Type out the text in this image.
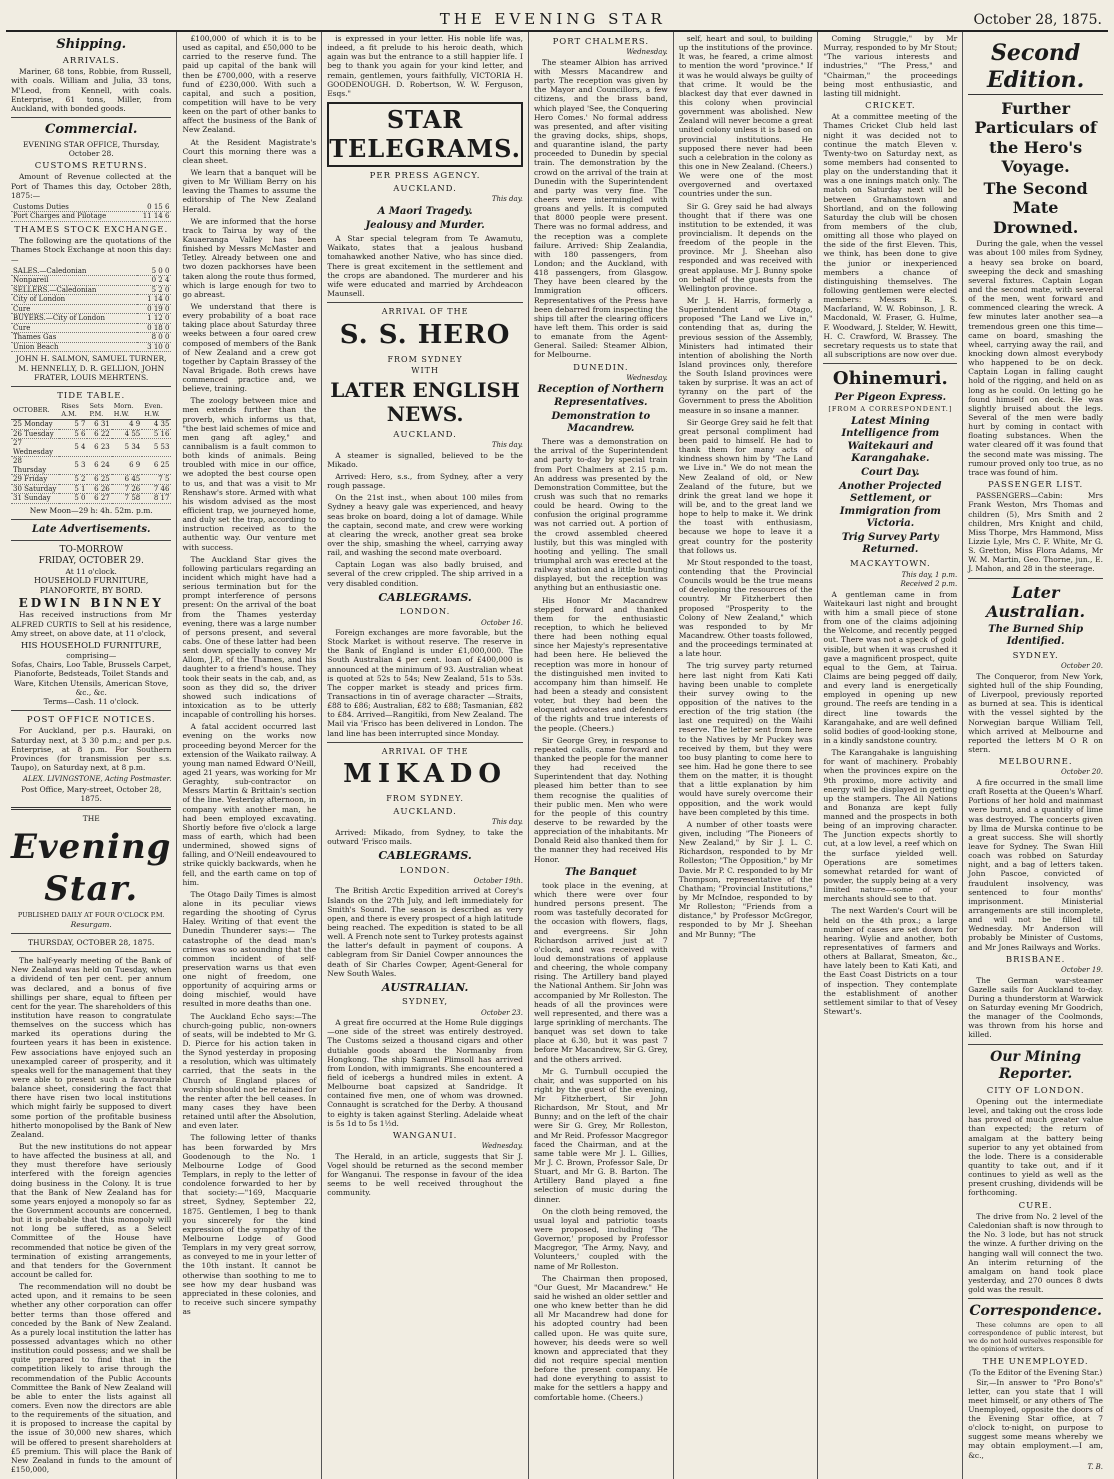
THE EVENING STAR	October 28, 1875.
Shipping.
ARRIVALS.

Mariner, 68 tons, Robbie, from Russell, with coals. William and Julia, 33 tons, M'Leod, from Kennell, with coals. Enterprise, 61 tons, Miller, from Auckland, with bonded goods.

Commercial.
EVENING STAR OFFICE, Thursday, October 28.
CUSTOMS RETURNS.

Amount of Revenue collected at the Port of Thames this day, October 28th, 1875:—

Customs Duties	0 15 6
Port Charges and Pilotage	11 14 6
THAMES STOCK EXCHANGE.

The following are the quotations of the Thames Stock Exchange at noon this day:—

SALES.—Caledonian	5 0 0
Nonpareil	0 2 4
SELLERS.—Caledonian	5 2 0
City of London	1 14 0
Cure	0 19 0
BUYERS.—City of London	1 12 0
Cure	0 18 0
Thames Gas	8 0 0
Union Beach	3 10 0
JOHN H. SALMON, SAMUEL TURNER, M. HENNELLY, D. R. GELLION, JOHN FRATER, LOUIS MEHRTENS.
TIDE TABLE.
OCTOBER.	Rises A.M.	Sets P.M.	Morn. H.W.	Even. H.W.
25 Monday	5 7	6 31	4 9	4 35
26 Tuesday	5 6	6 22	4 55	5 16
27 Wednesday	5 4	6 23	5 34	5 53
28 Thursday	5 3	6 24	6 9	6 25
29 Friday	5 2	6 25	6 45	7 5
30 Saturday	5 1	6 26	7 26	7 46
31 Sunday	5 0	6 27	7 58	8 17
New Moon—29 h: 4h. 52m. p.m.
Late Advertisements.
TO-MORROW
FRIDAY, OCTOBER 29.
At 11 o'clock.
HOUSEHOLD FURNITURE, PIANOFORTE, BY BORD.
EDWIN BINNEY

Has received instructions from Mr ALFRED CURTIS to Sell at his residence, Amy street, on above date, at 11 o'clock,

HIS HOUSEHOLD FURNITURE,
comprising—
Sofas, Chairs, Loo Table, Brussels Carpet, Pianoforte, Bedsteads, Toilet Stands and Ware, Kitchen Utensils, American Stove, &c., &c.
Terms—Cash. 11 o'clock.
POST OFFICE NOTICES.

For Auckland, per p.s. Hauraki, on Saturday next, at 3 30 p.m.; and per p.s. Enterprise, at 8 p.m. For Southern Provinces (for transmission per s.s. Taupo), on Saturday next, at 8 p.m.

ALEX. LIVINGSTONE, Acting Postmaster.
Post Office, Mary-street, October 28, 1875.
THE
Evening Star.
PUBLISHED DAILY AT FOUR O'CLOCK P.M.
Resurgam.
THURSDAY, OCTOBER 28, 1875.

The half-yearly meeting of the Bank of New Zealand was held on Tuesday, when a dividend of ten per cent. per annum was declared, and a bonus of five shillings per share, equal to fifteen per cent for the year. The shareholders of this institution have reason to congratulate themselves on the success which has marked its operations during the fourteen years it has been in existence. Few associations have enjoyed such an unexampled career of prosperity, and it speaks well for the management that they were able to present such a favourable balance sheet, considering the fact that there have risen two local institutions which might fairly be supposed to divert some portion of the profitable business hitherto monopolised by the Bank of New Zealand.

But the new institutions do not appear to have affected the business at all, and they must therefore have seriously interfered with the foreign agencies doing business in the Colony. It is true that the Bank of New Zealand has for some years enjoyed a monopoly so far as the Government accounts are concerned, but it is probable that this monopoly will not long be suffered, as a Select Committee of the House have recommended that notice be given of the termination of existing arrangements, and that tenders for the Government account be called for.

The recommendation will no doubt be acted upon, and it remains to be seen whether any other corporation can offer better terms than those offered and conceded by the Bank of New Zealand. As a purely local institution the latter has possessed advantages which no other institution could possess; and we shall be quite prepared to find that in the competition likely to arise through the recommendation of the Public Accounts Committee the Bank of New Zealand will be able to enter the lists against all comers. Even now the directors are able to the requirements of the situation, and it is proposed to increase the capital by the issue of 30,000 new shares, which will be offered to present shareholders at £5 premium. This will place the Bank of New Zealand in funds to the amount of £150,000,

£100,000 of which it is to be used as capital, and £50,000 to be carried to the reserve fund. The paid up capital of the bank will then be £700,000, with a reserve fund of £230,000. With such a capital, and such a position, competition will have to be very keen on the part of other banks to affect the business of the Bank of New Zealand.

At the Resident Magistrate's Court this morning there was a clean sheet.

We learn that a banquet will be given to Mr William Berry on his leaving the Thames to assume the editorship of The New Zealand Herald.

We are informed that the horse track to Tairua by way of the Kauaeranga Valley has been finished by Messrs McMaster and Tetley. Already between one and two dozen packhorses have been taken along the route thus formed, which is large enough for two to go abreast.

We understand that there is every probability of a boat race taking place about Saturday three weeks between a four oared crew composed of members of the Bank of New Zealand and a crew got together by Captain Brassey of the Naval Brigade. Both crews have commenced practice and, we believe, training.

The zoology between mice and men extends further than the proverb, which informs us that, "the best laid schemes of mice and men gang aft agley," and cannibalism is a fault common to both kinds of animals. Being troubled with mice in our office, we adopted the best course open to us, and that was a visit to Mr Renshaw's store. Armed with what his wisdom advised as the most efficient trap, we journeyed home, and duly set the trap, according to instruction received as to the authentic way. Our venture met with success.

The Auckland Star gives the following particulars regarding an incident which might have had a serious termination but for the prompt interference of persons present: On the arrival of the boat from the Thames yesterday evening, there was a large number of persons present, and several cabs. One of these latter had been sent down specially to convey Mr Allom, J.P., of the Thames, and his daughter to a friend's house. They took their seats in the cab, and, as soon as they did so, the driver showed such indications of intoxication as to be utterly incapable of controlling his horses.

A fatal accident occurred last evening on the works now proceeding beyond Mercer for the extension of the Waikato railway. A young man named Edward O'Neill, aged 21 years, was working for Mr Geraghty, sub-contractor on Messrs Martin & Brittain's section of the line. Yesterday afternoon, in company with another man, he had been employed excavating. Shortly before five o'clock a large mass of earth, which had been undermined, showed signs of falling, and O'Neill endeavoured to strike quickly backwards, when he fell, and the earth came on top of him.

The Otago Daily Times is almost alone in its peculiar views regarding the shooting of Cyrus Haley. Writing of that event the Dunedin Thunderer says:— The catastrophe of the dead man's crimes was so astounding that the common incident of self-preservation warns us that even one night of freedom, one opportunity of acquiring arms or doing mischief, would have resulted in more deaths than one.

The Auckland Echo says:—The church-going public, non-owners of seats, will be indebted to Mr G. D. Pierce for his action taken in the Synod yesterday in proposing a resolution, which was ultimately carried, that the seats in the Church of England places of worship should not be retained for the renter after the bell ceases. In many cases they have been retained until after the Absolution, and even later.

The following letter of thanks has been forwarded by Mrs Goodenough to the No. 1 Melbourne Lodge of Good Templars, in reply to the letter of condolence forwarded to her by that society:—"169, Macquarie street, Sydney, September 22, 1875. Gentlemen, I beg to thank you sincerely for the kind expression of the sympathy of the Melbourne Lodge of Good Templars in my very great sorrow, as conveyed to me in your letter of the 10th instant. It cannot be otherwise than soothing to me to see how my dear husband was appreciated in these colonies, and to receive such sincere sympathy as

is expressed in your letter. His noble life was, indeed, a fit prelude to his heroic death, which again was but the entrance to a still happier life. I beg to thank you again for your kind letter, and remain, gentlemen, yours faithfully, VICTORIA H. GOODENOUGH. D. Robertson, W. W. Ferguson, Esqs."

STAR TELEGRAMS.
PER PRESS AGENCY.
AUCKLAND.
This day.
A Maori Tragedy.
Jealousy and Murder.

A Star special telegram from Te Awamutu, Waikato, states that a jealous husband tomahawked another Native, who has since died. There is great excitement in the settlement and the crops are abandoned. The murderer and his wife were educated and married by Archdeacon Maunsell.

ARRIVAL OF THE
S. S. HERO
FROM SYDNEY
WITH
LATER ENGLISH NEWS.
AUCKLAND.
This day.

A steamer is signalled, believed to be the Mikado.

Arrived: Hero, s.s., from Sydney, after a very rough passage.

On the 21st inst., when about 100 miles from Sydney a heavy gale was experienced, and heavy seas broke on board, doing a lot of damage. While the captain, second mate, and crew were working at clearing the wreck, another great sea broke over the ship, smashing the wheel, carrying away rail, and washing the second mate overboard.

Captain Logan was also badly bruised, and several of the crew crippled. The ship arrived in a very disabled condition.

CABLEGRAMS.
LONDON.
October 16.

Foreign exchanges are more favorable, but the Stock Market is without reserve. The reserve in the Bank of England is under £1,000,000. The South Australian 4 per cent. loan of £400,000 is announced at the minimum of 93. Australian wheat is quoted at 52s to 54s; New Zealand, 51s to 53s. The copper market is steady and prices firm. Transactions in tin of average character —Straits, £88 to £86; Australian, £82 to £88; Tasmanian, £82 to £84. Arrived—Rangitiki, from New Zealand. The Mail via 'Frisco has been delivered in London. The land line has been interrupted since Monday.

ARRIVAL OF THE
MIKADO
FROM SYDNEY.
AUCKLAND.
This day.

Arrived: Mikado, from Sydney, to take the outward 'Frisco mails.

CABLEGRAMS.
LONDON.
October 19th.

The British Arctic Expedition arrived at Corey's Islands on the 27th July, and left immediately for Smith's Sound. The season is described as very open, and there is every prospect of a high latitude being reached. The expedition is stated to be all well. A French note sent to Turkey protests against the latter's default in payment of coupons. A cablegram from Sir Daniel Cowper announces the death of Sir Charles Cowper, Agent-General for New South Wales.

AUSTRALIAN.
SYDNEY,
October 23.

A great fire occurred at the Home Rule diggings—one side of the street was entirely destroyed. The Customs seized a thousand cigars and other dutiable goods aboard the Normanby from Hongkong. The ship Samuel Plimsoll has arrived from London, with immigrants. She encountered a field of icebergs a hundred miles in extent. A Melbourne boat capsized at Sandridge. It contained five men, one of whom was drowned. Connaught is scratched for the Derby. A thousand to eighty is taken against Sterling. Adelaide wheat is 5s 1d to 5s 1½d.

WANGANUI.
Wednesday.

The Herald, in an article, suggests that Sir J. Vogel should be returned as the second member for Wanganui. The response in favour of the idea seems to be well received throughout the community.

PORT CHALMERS.
Wednesday.

The steamer Albion has arrived with Messrs Macandrew and party. The reception was given by the Mayor and Councillors, a few citizens, and the brass band, which played 'See, the Conquering Hero Comes.' No formal address was presented, and after visiting the graving docks, ships, shops, and quarantine island, the party proceeded to Dunedin by special train. The demonstration by the crowd on the arrival of the train at Dunedin with the Superintendent and party was very fine. The cheers were intermingled with groans and yells. It is computed that 8000 people were present. There was no formal address, and the reception was a complete failure. Arrived: Ship Zealandia, with 180 passengers, from London; and the Auckland, with 418 passengers, from Glasgow. They have been cleared by the Immigration officers. Representatives of the Press have been debarred from inspecting the ships till after the clearing officers have left them. This order is said to emanate from the Agent-General. Sailed: Steamer Albion, for Melbourne.

DUNEDIN.
Wednesday.
Reception of Northern Representatives.
Demonstration to Macandrew.

There was a demonstration on the arrival of the Superintendent and party to-day by special train from Port Chalmers at 2.15 p.m. An address was presented by the Demonstration Committee, but the crush was such that no remarks could be heard. Owing to the confusion the original programme was not carried out. A portion of the crowd assembled cheered lustily, but this was mingled with hooting and yelling. The small triumphal arch was erected at the railway station and a little bunting displayed, but the reception was anything but an enthusiastic one.

His Honor Mr Macandrew stepped forward and thanked them for the enthusiastic reception, to which he believed there had been nothing equal since her Majesty's representative had been here. He believed the reception was more in honour of the distinguished men invited to accompany him than himself. He had been a steady and consistent voter, but they had been the eloquent advocates and defenders of the rights and true interests of the people. (Cheers.)

Sir George Grey, in response to repeated calls, came forward and thanked the people for the manner they had received the Superintendent that day. Nothing pleased him better than to see them recognise the qualities of their public men. Men who were for the people of this country deserve to be rewarded by the appreciation of the inhabitants. Mr Donald Reid also thanked them for the manner they had received His Honor.

The Banquet

took place in the evening, at which there were over four hundred persons present. The room was tastefully decorated for the occasion with flowers, flags, and evergreens. Sir John Richardson arrived just at 7 o'clock, and was received with loud demonstrations of applause and cheering, the whole company rising. The Artillery band played the National Anthem. Sir John was accompanied by Mr Rolleston. The heads of all the provinces were well represented, and there was a large sprinkling of merchants. The banquet was set down to take place at 6.30, but it was past 7 before Mr Macandrew, Sir G. Grey, and the others arrived.

Mr G. Turnbull occupied the chair, and was supported on his right by the guest of the evening, Mr Fitzherbert, Sir John Richardson, Mr Stout, and Mr Bunny; and on the left of the chair were Sir G. Grey, Mr Rolleston, and Mr Reid. Professor Macgregor faced the Chairman, and at the same table were Mr J. L. Gillies, Mr J. C. Brown, Professor Sale, Dr Stuart, and Mr G. B. Barton. The Artillery Band played a fine selection of music during the dinner.

On the cloth being removed, the usual loyal and patriotic toasts were proposed, including 'The Governor,' proposed by Professor Macgregor, 'The Army, Navy, and Volunteers,' coupled with the name of Mr Rolleston.

The Chairman then proposed, "Our Guest, Mr Macandrew." He said he wished an older settler and one who knew better than he did all Mr Macandrew had done for his adopted country had been called upon. He was quite sure, however, his deeds were so well known and appreciated that they did not require special mention before the present company. He had done everything to assist to make for the settlers a happy and comfortable home. (Cheers.)

self, heart and soul, to building up the institutions of the province. It was, he feared, a crime almost to mention the word "province." If it was he would always be guilty of that crime. It would be the blackest day that ever dawned in this colony when provincial government was abolished. New Zealand will never become a great united colony unless it is based on provincial institutions. He supposed there never had been such a celebration in the colony as this one in New Zealand. (Cheers.) We were one of the most overgoverned and overtaxed countries under the sun.

Sir G. Grey said he had always thought that if there was one institution to be extended, it was provincialism. It depends on the freedom of the people in the province. Mr J. Sheehan also responded and was received with great applause. Mr J. Bunny spoke on behalf of the guests from the Wellington province.

Mr J. H. Harris, formerly a Superintendent of Otago, proposed "The Land we Live in," contending that as, during the previous session of the Assembly, Ministers had intimated their intention of abolishing the North Island provinces only, therefore the South Island provinces were taken by surprise. It was an act of tyranny on the part of the Government to press the Abolition measure in so insane a manner.

Sir George Grey said he felt that great personal compliment had been paid to himself. He had to thank them for many acts of kindness shown him by "The Land we Live in." We do not mean the New Zealand of old, or New Zealand of the future, but we drink the great land we hope it will be, and to the great land we hope to help to make it. We drink the toast with enthusiasm, because we hope to leave it a great country for the posterity that follows us.

Mr Stout responded to the toast, contending that the Provincial Councils would be the true means of developing the resources of the country. Mr Fitzherbert then proposed "Prosperity to the Colony of New Zealand," which was responded to by Mr Macandrew. Other toasts followed, and the proceedings terminated at a late hour.

The trig survey party returned here last night from Kati Kati having been unable to complete their survey owing to the opposition of the natives to the erection of the trig station (the last one required) on the Waihi reserve. The letter sent from here to the Natives by Mr Puckey was received by them, but they were too busy planting to come here to see him. Had he gone there to see them on the matter, it is thought that a little explanation by him would have surely overcome their opposition, and the work would have been completed by this time.

A number of other toasts were given, including "The Pioneers of New Zealand," by Sir J. L. C. Richardson, responded to by Mr Rolleston; "The Opposition," by Mr Davie. Mr P. C. responded to by Mr Thompson, representative of the Chatham; "Provincial Institutions," by Mr McIndoe, responded to by Mr Rolleston; "Friends from a distance," by Professor McGregor, responded to by Mr J. Sheehan and Mr Bunny; "The

Coming Struggle," by Mr Murray, responded to by Mr Stout; "The various interests and industries," "The Press," and "Chairman," the proceedings being most enthusiastic, and lasting till midnight.

CRICKET.

At a committee meeting of the Thames Cricket Club held last night it was decided not to continue the match Eleven v. Twenty-two on Saturday next, as some members had consented to play on the understanding that it was a one innings match only. The match on Saturday next will be between Grahamstown and Shortland, and on the following Saturday the club will be chosen from members of the club, omitting all those who played on the side of the first Eleven. This, we think, has been done to give the junior or inexperienced members a chance of distinguishing themselves. The following gentlemen were elected members: Messrs R. S. Macfarland, W. W. Robinson, J. R. Macdonald, W. Fraser, G. Hulme, F. Woodward, J. Stelder, W. Hewitt, H. C. Crawford, W. Brassey. The secretary requests us to state that all subscriptions are now over due.

Ohinemuri.
Per Pigeon Express.
[FROM A CORRESPONDENT.]
Latest Mining Intelligence from Waitekauri and Karangahake.
Court Day.
Another Projected Settlement, or Immigration from Victoria.
Trig Survey Party Returned.
MACKAYTOWN.
This day, 1 p.m.
Received 2 p.m.

A gentleman came in from Waitekauri last night and brought with him a small piece of stone from one of the claims adjoining the Welcome, and recently pegged out. There was not a speck of gold visible, but when it was crushed it gave a magnificent prospect, quite equal to the Gem, at Tairua. Claims are being pegged off daily, and every land is energetically employed in opening up new ground. The reefs are tending in a direct line towards the Karangahake, and are well defined solid bodies of good-looking stone, in a kindly sandstone country.

The Karangahake is languishing for want of machinery. Probably when the provinces expire on the 9th proximo, more activity and energy will be displayed in getting up the stampers. The All Nations and Bonanza are kept fully manned and the prospects in both being of an improving character. The Junction expects shortly to cut, at a low level, a reef which on the surface yielded well. Operations are sometimes somewhat retarded for want of powder, the supply being at a very limited nature—some of your merchants should see to that.

The next Warden's Court will be held on the 4th prox.; a large number of cases are set down for hearing. Wylie and another, both representatives of farmers and others at Ballarat, Smeaton, &c., have lately been to Kati Kati, and the East Coast Districts on a tour of inspection. They contemplate the establishment of another settlement similar to that of Vesey Stewart's.

Second Edition.
Further Particulars of the Hero's Voyage.
The Second Mate Drowned.

During the gale, when the vessel was about 100 miles from Sydney, a heavy sea broke on board, sweeping the deck and smashing several fixtures. Captain Logan and the second mate, with several of the men, went forward and commenced clearing the wreck. A few minutes later another sea—a tremendous green one this time—came on board, smashing the wheel, carrying away the rail, and knocking down almost everybody who happened to be on deck. Captain Logan in falling caught hold of the rigging, and held on as long as he could. On letting go he found himself on deck. He was slightly bruised about the legs. Several of the men were badly hurt by coming in contact with floating substances. When the water cleared off it was found that the second mate was missing. The rumour proved only too true, as no trace was found of him.

PASSENGER LIST.

PASSENGERS—Cabin: Mrs Frank Weston, Mrs Thomas and children (5), Mrs Smith and 2 children, Mrs Knight and child, Miss Thorpe, Mrs Hammond, Miss Lizzie Lyle, Mrs C. F. White, Mr G. S. Gretton, Miss Flora Adams, Mr W. M. Martin, Geo. Thorne, jun., E. J. Mahon, and 28 in the steerage.

Later Australian.
The Burned Ship Identified.
SYDNEY.
October 20.

The Conqueror, from New York, sighted hull of the ship Founding, of Liverpool, previously reported as burned at sea. This is identical with the vessel sighted by the Norwegian barque William Tell, which arrived at Melbourne and reported the letters M O R on stern.

MELBOURNE.
October 20.

A fire occurred in the small lime craft Rosetta at the Queen's Wharf. Portions of her hold and mainmast were burnt, and a quantity of lime was destroyed. The concerts given by Ilma de Murska continue to be a great success. She will shortly leave for Sydney. The Swan Hill coach was robbed on Saturday night, and a bag of letters taken. John Pascoe, convicted of fraudulent insolvency, was sentenced to four months' imprisonment. Ministerial arrangements are still incomplete, and will not be filled till Wednesday. Mr Anderson will probably be Minister of Customs, and Mr Jones Railways and Works.

BRISBANE.
October 19.

The German war-steamer Gazelle sails for Auckland to-day. During a thunderstorm at Warwick on Saturday evening Mr Goodrich, the manager of the Coolmonds, was thrown from his horse and killed.

Our Mining Reporter.
CITY OF LONDON.

Opening out the intermediate level, and taking out the cross lode has proved of much greater value than expected; the return of amalgam at the battery being superior to any yet obtained from the lode. There is a considerable quantity to take out, and if it continues to yield as well as the present crushing, dividends will be forthcoming.

CURE.

The drive from No. 2 level of the Caledonian shaft is now through to the No. 3 lode, but has not struck the winze. A further driving on the hanging wall will connect the two. An interim returning of the amalgam on hand took place yesterday, and 270 ounces 8 dwts gold was the result.

Correspondence.

These columns are open to all correspondence of public interest, but we do not hold ourselves responsible for the opinions of writers.

THE UNEMPLOYED.
(To the Editor of the Evening Star.)

Sir,—In answer to "Pro Bono's" letter, can you state that I will meet himself, or any others of The Unemployed, opposite the doors of the Evening Star office, at 7 o'clock to-night, on purpose to suggest some means whereby we may obtain employment.—I am, &c.,

T. B.
